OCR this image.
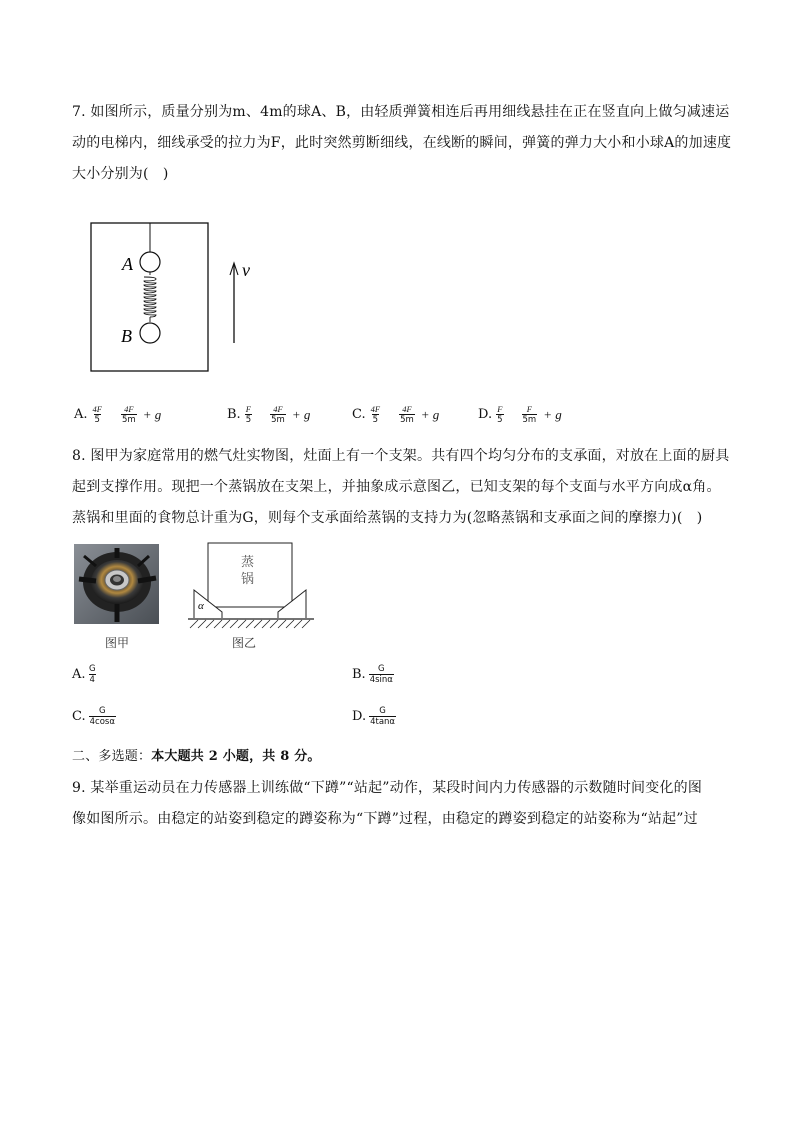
7. 如图所示，质量分别为m、4m的球A、B，由轻质弹簧相连后再用细线悬挂在正在竖直向上做匀减速运
动的电梯内，细线承受的拉力为F，此时突然剪断细线，在线断的瞬间，弹簧的弹力大小和小球A的加速度
大小分别为(　)
A
B
v
A. $\frac{4F}{5} \frac{4F}{5m} + g$	B. $\frac{F}{5} \frac{4F}{5m} + g$	C. $\frac{4F}{5} \frac{4F}{5m} + g$	D. $\frac{F}{5} \frac{F}{5m} + g$
8. 图甲为家庭常用的燃气灶实物图，灶面上有一个支架。共有四个均匀分布的支承面，对放在上面的厨具
起到支撑作用。现把一个蒸锅放在支架上，并抽象成示意图乙，已知支架的每个支面与水平方向成α角。
蒸锅和里面的食物总计重为G，则每个支承面给蒸锅的支持力为(忽略蒸锅和支承面之间的摩擦力)(　)
图甲
蒸
锅
α
图乙
A. G
4	B. G
4sinα
C. G
4cosα	D. G
4tanα
二、多选题：本大题共 2 小题，共 8 分。
9. 某举重运动员在力传感器上训练做“下蹲”“站起”动作，某段时间内力传感器的示数随时间变化的图
像如图所示。由稳定的站姿到稳定的蹲姿称为“下蹲”过程，由稳定的蹲姿到稳定的站姿称为“站起”过
